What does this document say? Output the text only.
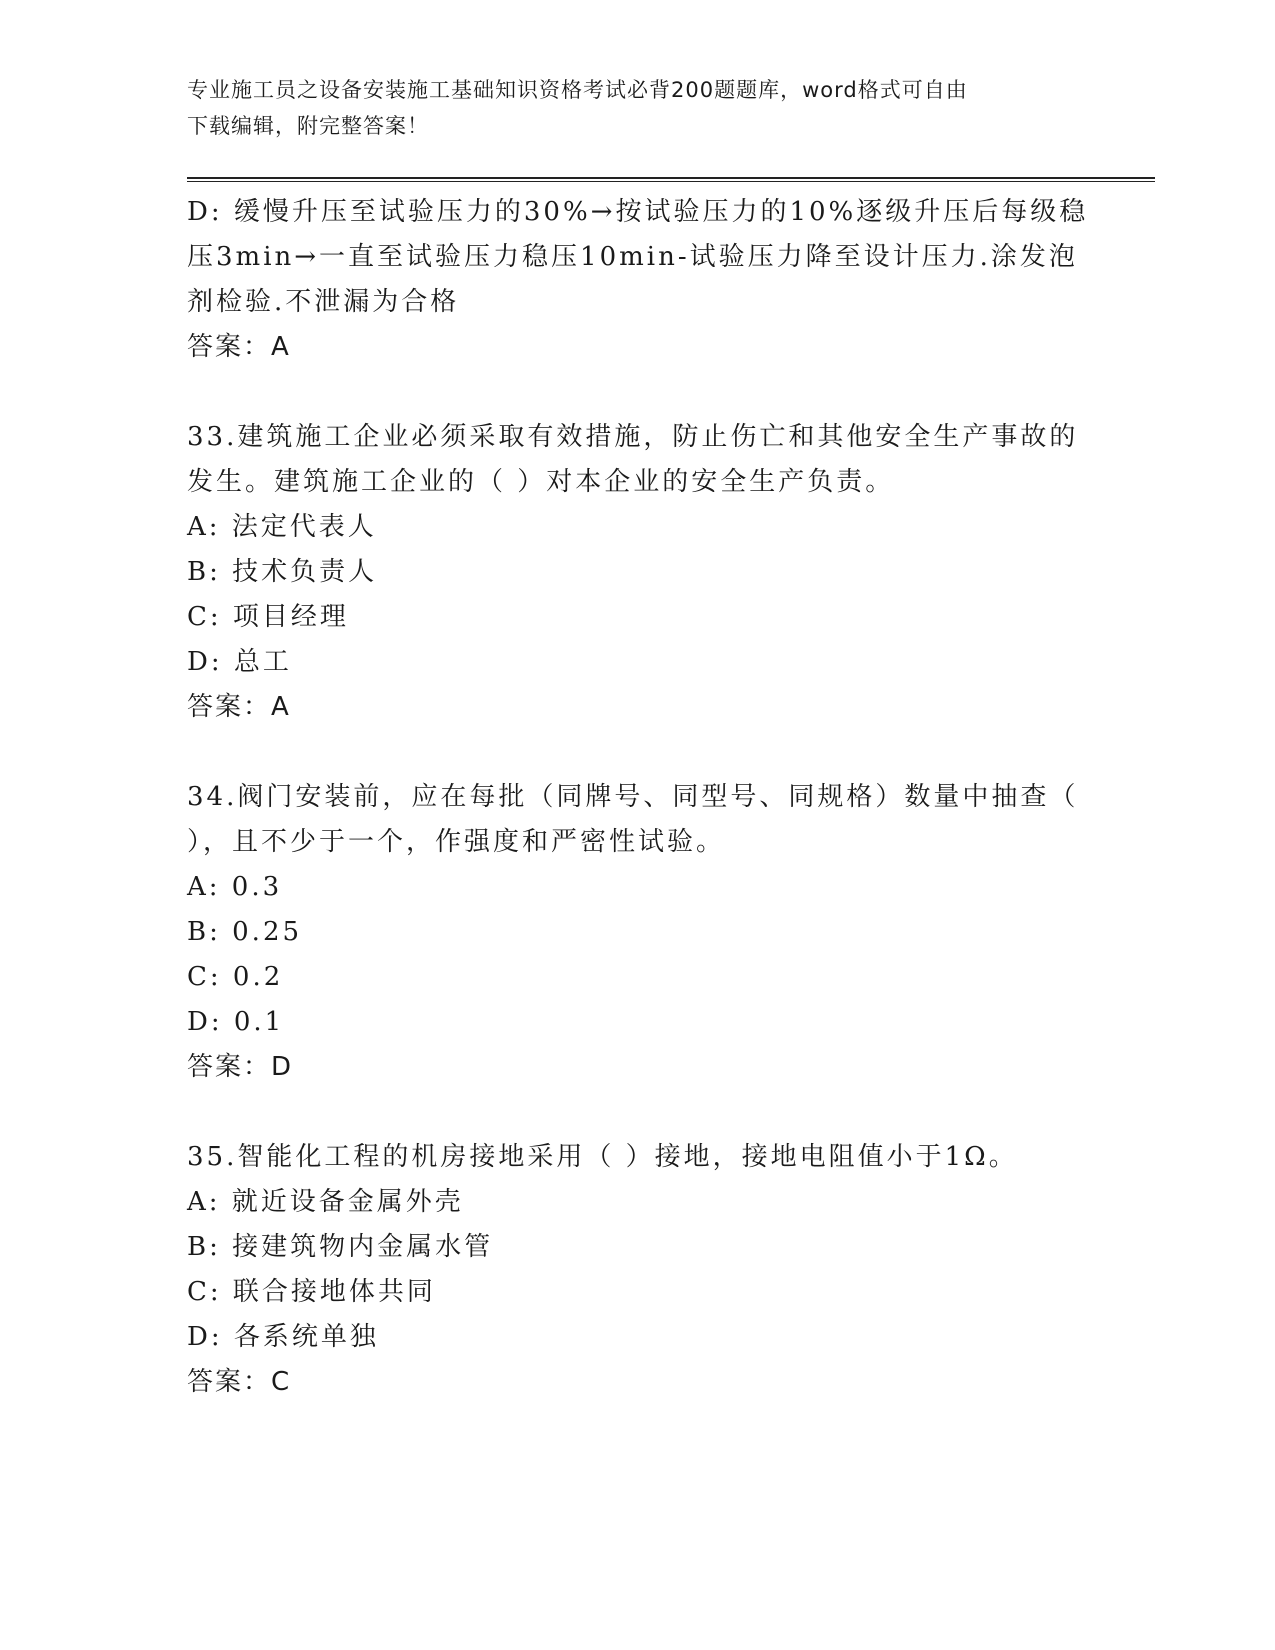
专业施工员之设备安装施工基础知识资格考试必背200题题库，word格式可自由
下载编辑，附完整答案！
D: 缓慢升压至试验压力的30%→按试验压力的10%逐级升压后每级稳
压3min→一直至试验压力稳压10min-试验压力降至设计压力.涂发泡
剂检验.不泄漏为合格
答案：A
33.建筑施工企业必须采取有效措施，防止伤亡和其他安全生产事故的
发生。建筑施工企业的（ ）对本企业的安全生产负责。
A: 法定代表人
B: 技术负责人
C: 项目经理
D: 总工
答案：A
34.阀门安装前，应在每批（同牌号、同型号、同规格）数量中抽查（
），且不少于一个，作强度和严密性试验。
A: 0.3
B: 0.25
C: 0.2
D: 0.1
答案：D
35.智能化工程的机房接地采用（ ）接地，接地电阻值小于1Ω。
A: 就近设备金属外壳
B: 接建筑物内金属水管
C: 联合接地体共同
D: 各系统单独
答案：C
